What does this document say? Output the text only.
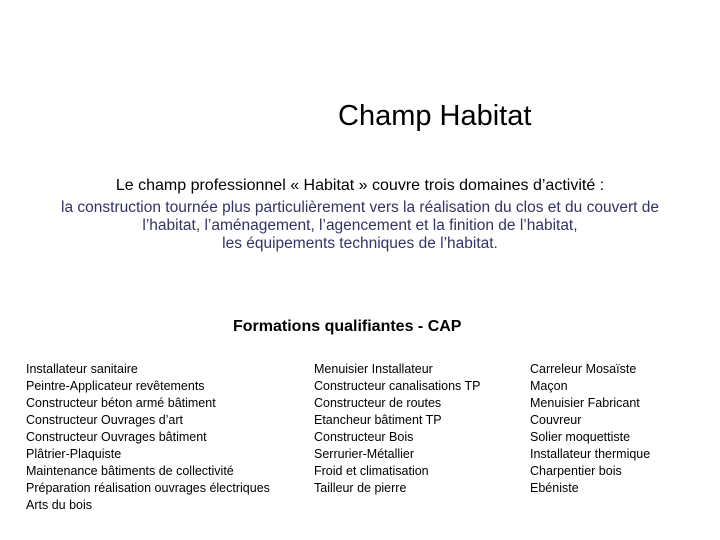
Champ Habitat
Le champ professionnel « Habitat » couvre trois domaines d’activité :
la construction tournée plus particulièrement vers la réalisation du clos et du couvert de
l’habitat, l’aménagement, l’agencement et la finition de l’habitat,
les équipements techniques de l’habitat.
Formations qualifiantes - CAP
Installateur sanitaire
Peintre-Applicateur revêtements
Constructeur béton armé bâtiment
Constructeur Ouvrages d’art
Constructeur Ouvrages bâtiment
Plâtrier-Plaquiste
Maintenance bâtiments de collectivité
Préparation réalisation ouvrages électriques
Arts du bois
Menuisier Installateur
Constructeur canalisations TP
Constructeur de routes
Etancheur bâtiment TP
Constructeur Bois
Serrurier-Métallier
Froid et climatisation
Tailleur de pierre
Carreleur Mosaïste
Maçon
Menuisier Fabricant
Couvreur
Solier moquettiste
Installateur thermique
Charpentier bois
Ebéniste
